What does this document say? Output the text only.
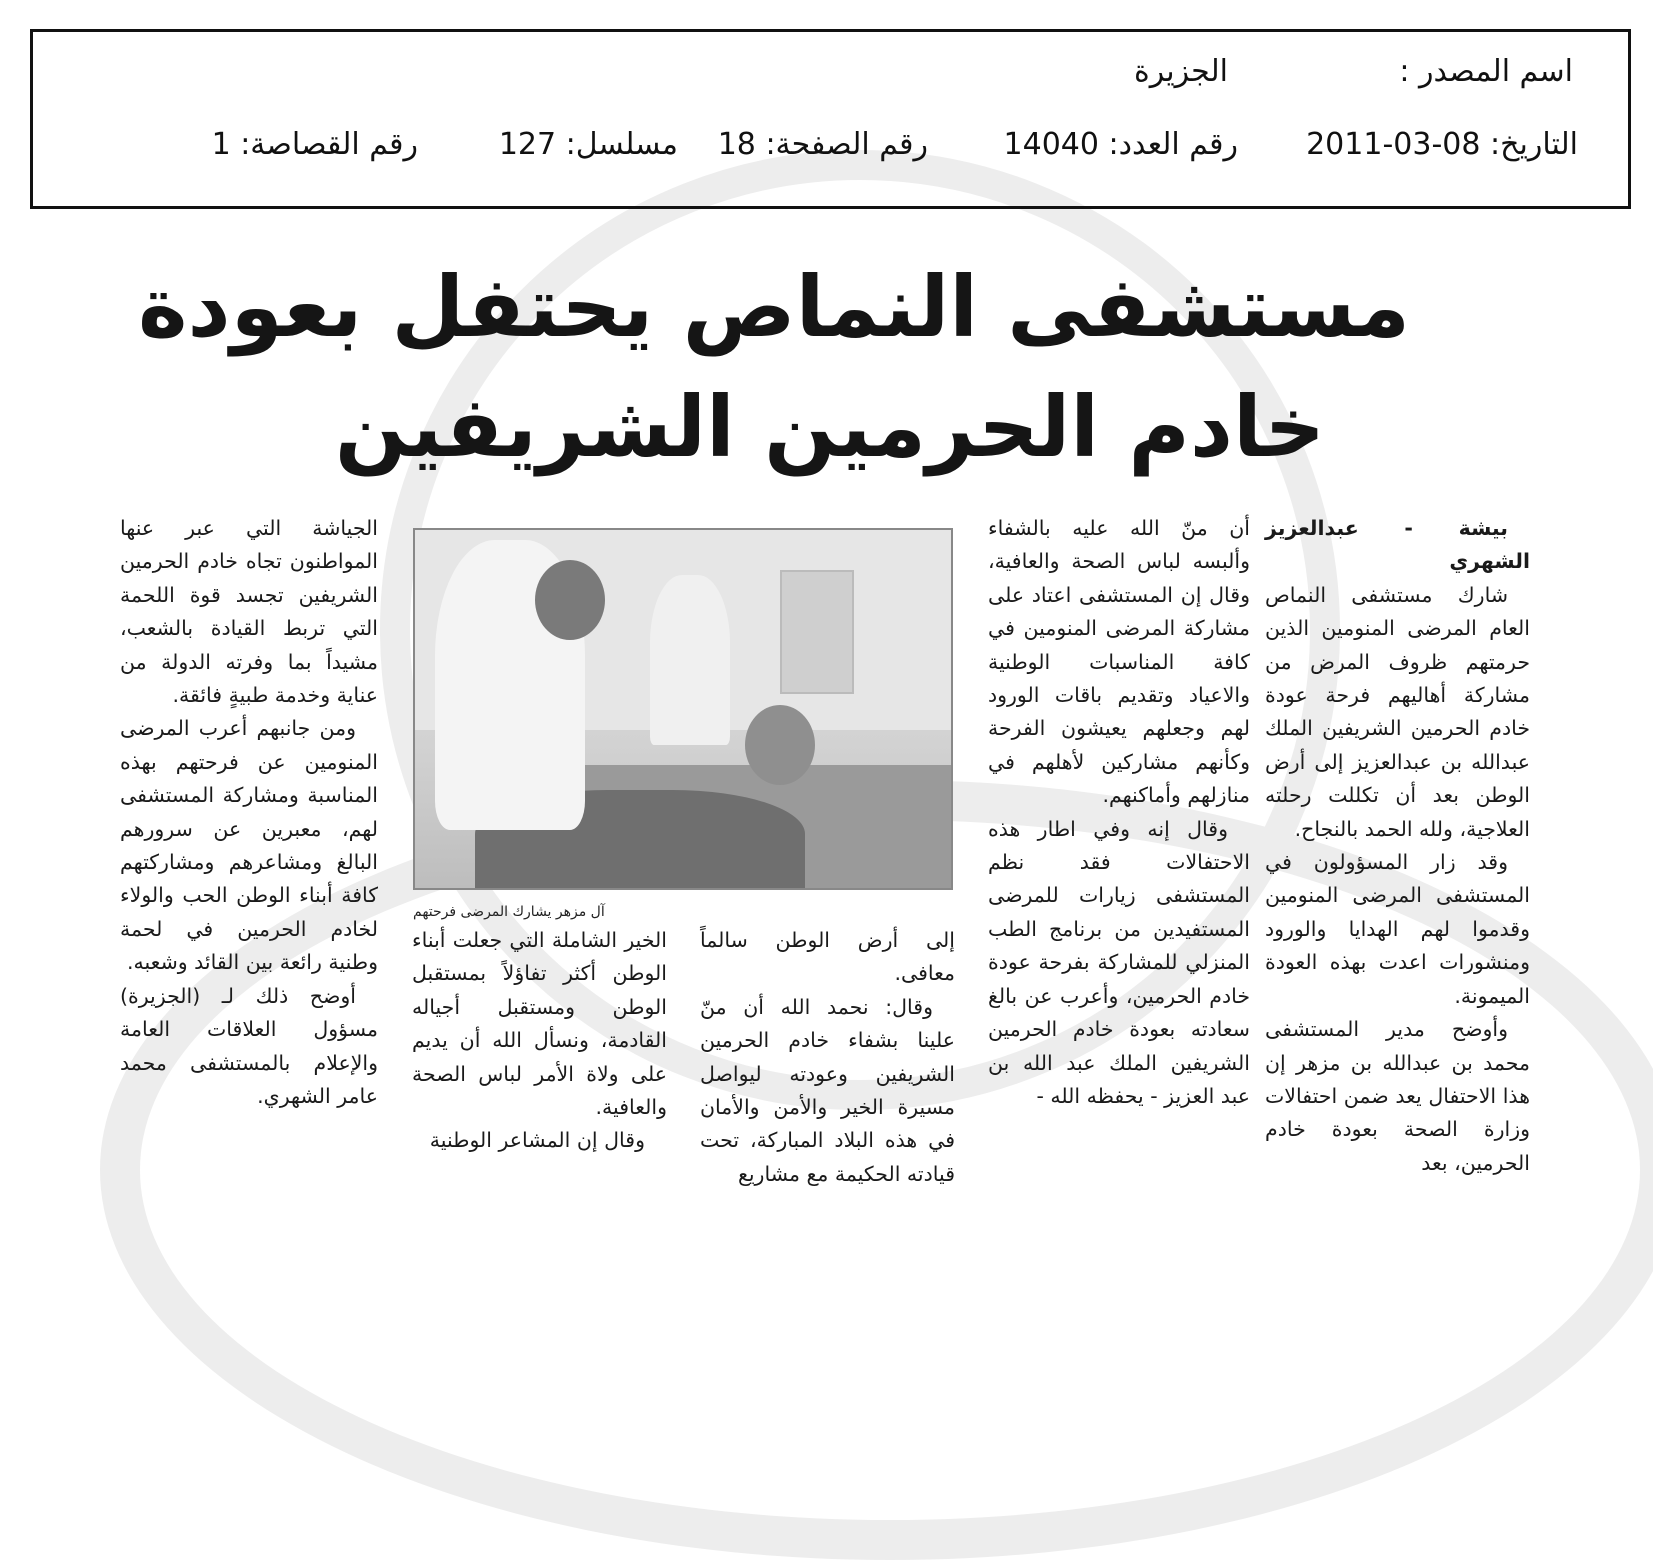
اسم المصدر :
الجزيرة
التاريخ: 08-03-2011
رقم العدد: 14040
رقم الصفحة: 18
مسلسل: 127
رقم القصاصة: 1
مستشفى النماص يحتفل بعودة
خادم الحرمين الشريفين

بيشة - عبدالعزيز الشهري

شارك مستشفى النماص العام المرضى المنومين الذين حرمتهم ظروف المرض من مشاركة أهاليهم فرحة عودة خادم الحرمين الشريفين الملك عبدالله بن عبدالعزيز إلى أرض الوطن بعد أن تكللت رحلته العلاجية، ولله الحمد بالنجاح.

وقد زار المسؤولون في المستشفى المرضى المنومين وقدموا لهم الهدايا والورود ومنشورات اعدت بهذه العودة الميمونة.

وأوضح مدير المستشفى محمد بن عبدالله بن مزهر إن هذا الاحتفال يعد ضمن احتفالات وزارة الصحة بعودة خادم الحرمين، بعد

أن منّ الله عليه بالشفاء وألبسه لباس الصحة والعافية، وقال إن المستشفى اعتاد على مشاركة المرضى المنومين في كافة المناسبات الوطنية والاعياد وتقديم باقات الورود لهم وجعلهم يعيشون الفرحة وكأنهم مشاركين لأهلهم في منازلهم وأماكنهم.

وقال إنه وفي اطار هذه الاحتفالات فقد نظم المستشفى زيارات للمرضى المستفيدين من برنامج الطب المنزلي للمشاركة بفرحة عودة خادم الحرمين، وأعرب عن بالغ سعادته بعودة خادم الحرمين الشريفين الملك عبد الله بن عبد العزيز - يحفظه الله -

آل مزهر يشارك المرضى فرحتهم

إلى أرض الوطن سالماً معافى.

وقال: نحمد الله أن منّ علينا بشفاء خادم الحرمين الشريفين وعودته ليواصل مسيرة الخير والأمن والأمان في هذه البلاد المباركة، تحت قيادته الحكيمة مع مشاريع

الخير الشاملة التي جعلت أبناء الوطن أكثر تفاؤلاً بمستقبل الوطن ومستقبل أجياله القادمة، ونسأل الله أن يديم على ولاة الأمر لباس الصحة والعافية.

وقال إن المشاعر الوطنية

الجياشة التي عبر عنها المواطنون تجاه خادم الحرمين الشريفين تجسد قوة اللحمة التي تربط القيادة بالشعب، مشيداً بما وفرته الدولة من عناية وخدمة طبيةٍ فائقة.

ومن جانبهم أعرب المرضى المنومين عن فرحتهم بهذه المناسبة ومشاركة المستشفى لهم، معبرين عن سرورهم البالغ ومشاعرهم ومشاركتهم كافة أبناء الوطن الحب والولاء لخادم الحرمين في لحمة وطنية رائعة بين القائد وشعبه.

أوضح ذلك لـ (الجزيرة) مسؤول العلاقات العامة والإعلام بالمستشفى محمد عامر الشهري.
